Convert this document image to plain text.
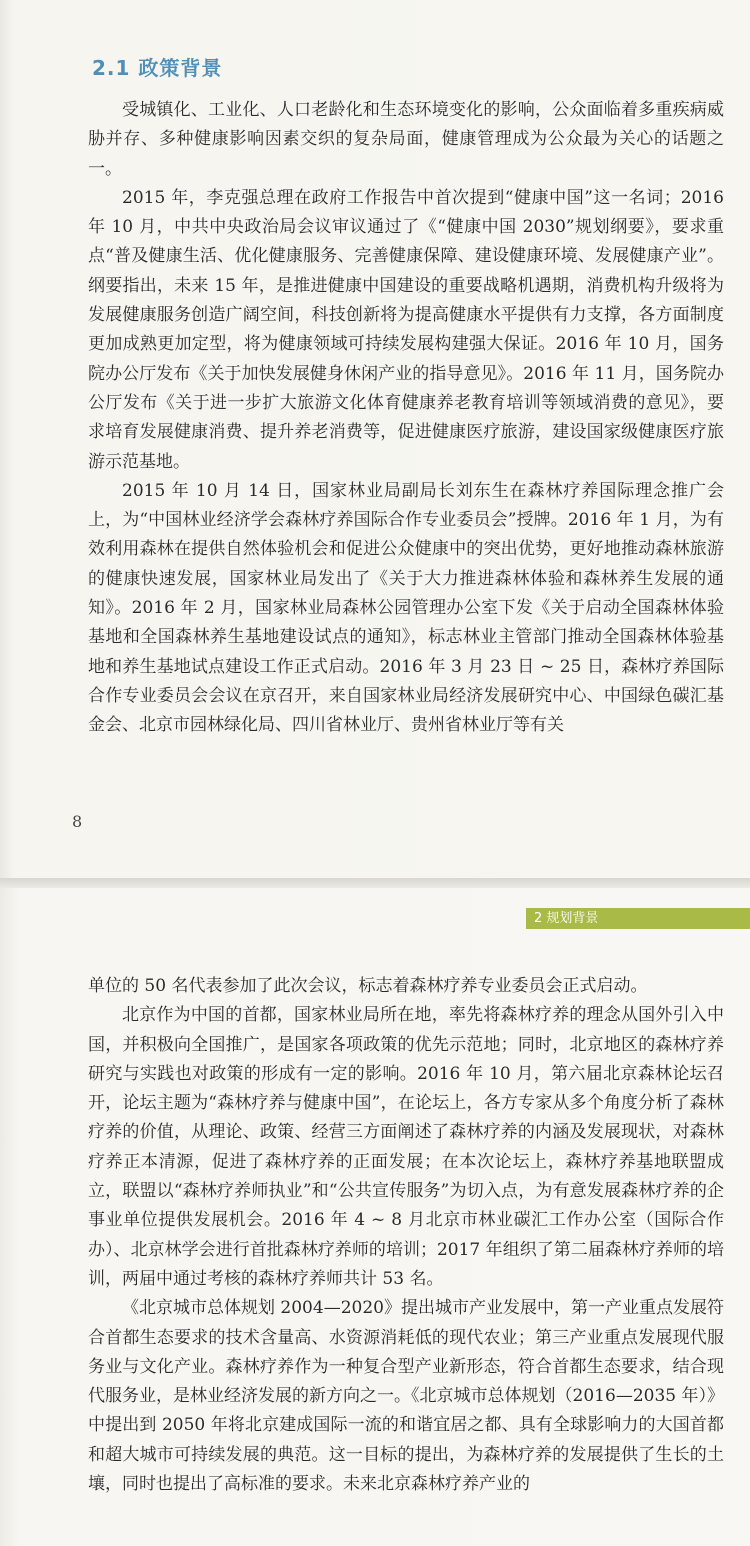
2.1 政策背景

受城镇化、工业化、人口老龄化和生态环境变化的影响，公众面临着多重疾病威胁并存、多种健康影响因素交织的复杂局面，健康管理成为公众最为关心的话题之一。

2015 年，李克强总理在政府工作报告中首次提到“健康中国”这一名词；2016 年 10 月，中共中央政治局会议审议通过了《“健康中国 2030”规划纲要》，要求重点“普及健康生活、优化健康服务、完善健康保障、建设健康环境、发展健康产业”。纲要指出，未来 15 年，是推进健康中国建设的重要战略机遇期，消费机构升级将为发展健康服务创造广阔空间，科技创新将为提高健康水平提供有力支撑，各方面制度更加成熟更加定型，将为健康领域可持续发展构建强大保证。2016 年 10 月，国务院办公厅发布《关于加快发展健身休闲产业的指导意见》。2016 年 11 月，国务院办公厅发布《关于进一步扩大旅游文化体育健康养老教育培训等领域消费的意见》，要求培育发展健康消费、提升养老消费等，促进健康医疗旅游，建设国家级健康医疗旅游示范基地。

2015 年 10 月 14 日，国家林业局副局长刘东生在森林疗养国际理念推广会上，为“中国林业经济学会森林疗养国际合作专业委员会”授牌。2016 年 1 月，为有效利用森林在提供自然体验机会和促进公众健康中的突出优势，更好地推动森林旅游的健康快速发展，国家林业局发出了《关于大力推进森林体验和森林养生发展的通知》。2016 年 2 月，国家林业局森林公园管理办公室下发《关于启动全国森林体验基地和全国森林养生基地建设试点的通知》，标志林业主管部门推动全国森林体验基地和养生基地试点建设工作正式启动。2016 年 3 月 23 日 ~ 25 日，森林疗养国际合作专业委员会会议在京召开，来自国家林业局经济发展研究中心、中国绿色碳汇基金会、北京市园林绿化局、四川省林业厅、贵州省林业厅等有关

8
2 规划背景

单位的 50 名代表参加了此次会议，标志着森林疗养专业委员会正式启动。

北京作为中国的首都，国家林业局所在地，率先将森林疗养的理念从国外引入中国，并积极向全国推广，是国家各项政策的优先示范地；同时，北京地区的森林疗养研究与实践也对政策的形成有一定的影响。2016 年 10 月，第六届北京森林论坛召开，论坛主题为“森林疗养与健康中国”，在论坛上，各方专家从多个角度分析了森林疗养的价值，从理论、政策、经营三方面阐述了森林疗养的内涵及发展现状，对森林疗养正本清源，促进了森林疗养的正面发展；在本次论坛上，森林疗养基地联盟成立，联盟以“森林疗养师执业”和“公共宣传服务”为切入点，为有意发展森林疗养的企事业单位提供发展机会。2016 年 4 ~ 8 月北京市林业碳汇工作办公室（国际合作办）、北京林学会进行首批森林疗养师的培训；2017 年组织了第二届森林疗养师的培训，两届中通过考核的森林疗养师共计 53 名。

《北京城市总体规划 2004—2020》提出城市产业发展中，第一产业重点发展符合首都生态要求的技术含量高、水资源消耗低的现代农业；第三产业重点发展现代服务业与文化产业。森林疗养作为一种复合型产业新形态，符合首都生态要求，结合现代服务业，是林业经济发展的新方向之一。《北京城市总体规划（2016—2035 年）》中提出到 2050 年将北京建成国际一流的和谐宜居之都、具有全球影响力的大国首都和超大城市可持续发展的典范。这一目标的提出，为森林疗养的发展提供了生长的土壤，同时也提出了高标准的要求。未来北京森林疗养产业的
